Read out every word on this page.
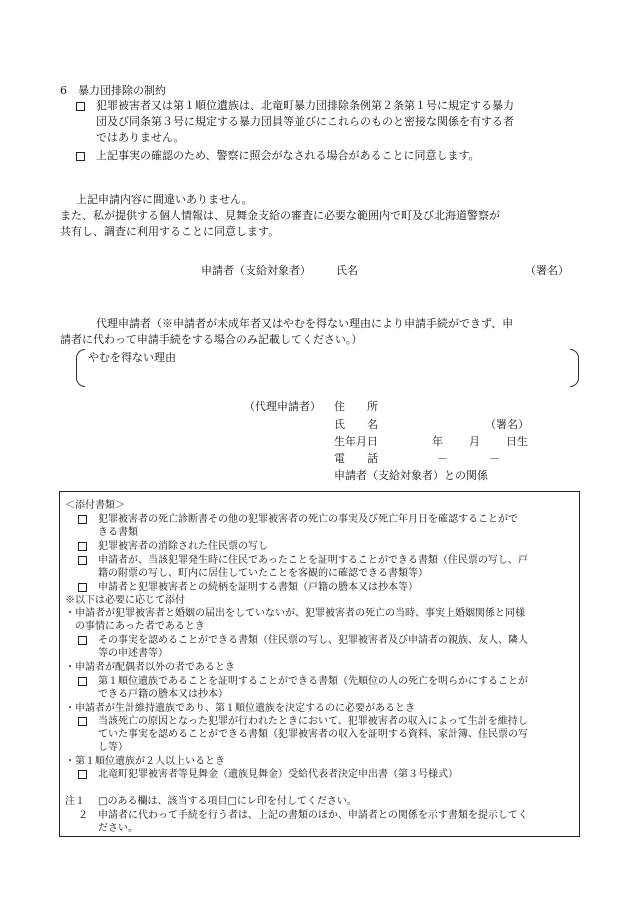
6　暴力団排除の制約
犯罪被害者又は第１順位遺族は、北竜町暴力団排除条例第２条第１号に規定する暴力
団及び同条第３号に規定する暴力団員等並びにこれらのものと密接な関係を有する者
ではありません。
上記事実の確認のため、警察に照会がなされる場合があることに同意します。
上記申請内容に間違いありません。
また、私が提供する個人情報は、見舞金支給の審査に必要な範囲内で町及び北海道警察が
共有し、調査に利用することに同意します。
申請者（支給対象者） 氏名	（署名）
代理申請者（※申請者が未成年者又はやむを得ない理由により申請手続ができず、申
請者に代わって申請手続をする場合のみ記載してください。）
やむを得ない理由
（代理申請者） 住　　所
氏　　名	（署名）
生年月日	年 月 日生
電　　話	－	－
申請者（支給対象者）との関係
＜添付書類＞
犯罪被害者の死亡診断書その他の犯罪被害者の死亡の事実及び死亡年月日を確認することがで
きる書類
犯罪被害者の消除された住民票の写し
申請者が、当該犯罪発生時に住民であったことを証明することができる書類（住民票の写し、戸
籍の附票の写し、町内に居住していたことを客観的に確認できる書類等）
申請者と犯罪被害者との続柄を証明する書類（戸籍の謄本又は抄本等）
※以下は必要に応じて添付
・申請者が犯罪被害者と婚姻の届出をしていないが、犯罪被害者の死亡の当時、事実上婚姻関係と同様
　の事情にあった者であるとき
その事実を認めることができる書類（住民票の写し、犯罪被害者及び申請者の親族、友人、隣人
等の申述書等）
・申請者が配偶者以外の者であるとき
第１順位遺族であることを証明することができる書類（先順位の人の死亡を明らかにすることが
できる戸籍の謄本又は抄本）
・申請者が生計維持遺族であり、第１順位遺族を決定するのに必要があるとき
当該死亡の原因となった犯罪が行われたときにおいて、犯罪被害者の収入によって生計を維持し
ていた事実を認めることができる書類（犯罪被害者の収入を証明する資料、家計簿、住民票の写
し等）
・第１順位遺族が２人以上いるとき
北竜町犯罪被害者等見舞金（遺族見舞金）受給代表者決定申出書（第３号様式）
注１ □のある欄は、該当する項目□にレ印を付してください。
２ 申請者に代わって手続を行う者は、上記の書類のほか、申請者との関係を示す書類を提示してく
ださい。
